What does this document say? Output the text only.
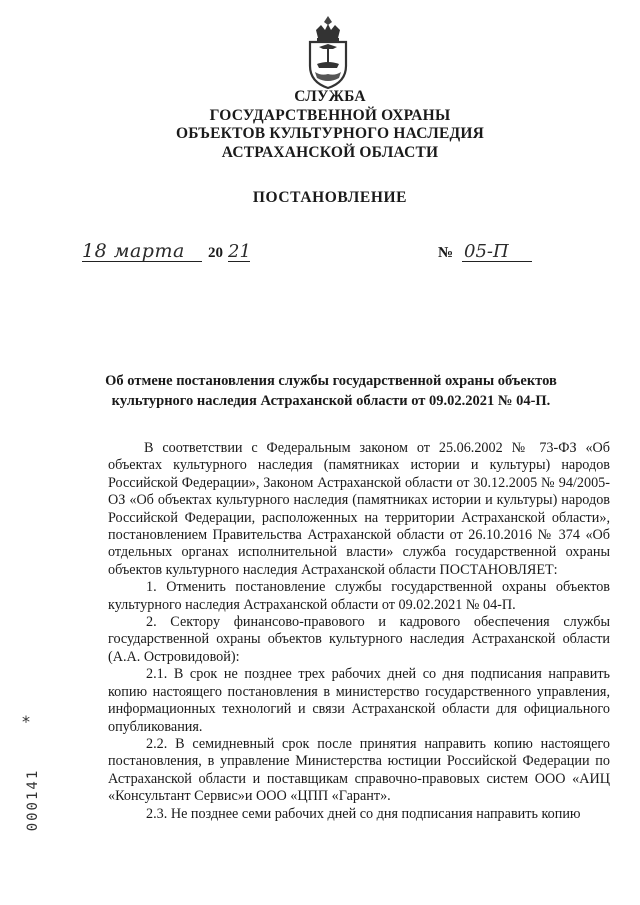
СЛУЖБА
ГОСУДАРСТВЕННОЙ ОХРАНЫ
ОБЪЕКТОВ КУЛЬТУРНОГО НАСЛЕДИЯ
АСТРАХАНСКОЙ ОБЛАСТИ
ПОСТАНОВЛЕНИЕ
18 марта 20 21	№ 05-П
Об отмене постановления службы государственной охраны объектов
культурного наследия Астраханской области от 09.02.2021 № 04-П.

В соответствии с Федеральным законом от 25.06.2002 № 73-ФЗ «Об объектах культурного наследия (памятниках истории и культуры) народов Российской Федерации», Законом Астраханской области от 30.12.2005 № 94/2005-ОЗ «Об объектах культурного наследия (памятниках истории и культуры) народов Российской Федерации, расположенных на территории Астраханской области», постановлением Правительства Астраханской области от 26.10.2016 № 374 «Об отдельных органах исполнительной власти» служба государственной охраны объектов культурного наследия Астраханской области ПОСТАНОВЛЯЕТ:

1. Отменить постановление службы государственной охраны объектов культурного наследия Астраханской области от 09.02.2021 № 04-П.

2. Сектору финансово-правового и кадрового обеспечения службы государственной охраны объектов культурного наследия Астраханской области (А.А. Островидовой):

2.1. В срок не позднее трех рабочих дней со дня подписания направить копию настоящего постановления в министерство государственного управления, информационных технологий и связи Астраханской области для официального опубликования.

2.2. В семидневный срок после принятия направить копию настоящего постановления, в управление Министерства юстиции Российской Федерации по Астраханской области и поставщикам справочно-правовых систем ООО «АИЦ «Консультант Сервис»и ООО «ЦПП «Гарант».

2.3. Не позднее семи рабочих дней со дня подписания направить копию

*
000141
